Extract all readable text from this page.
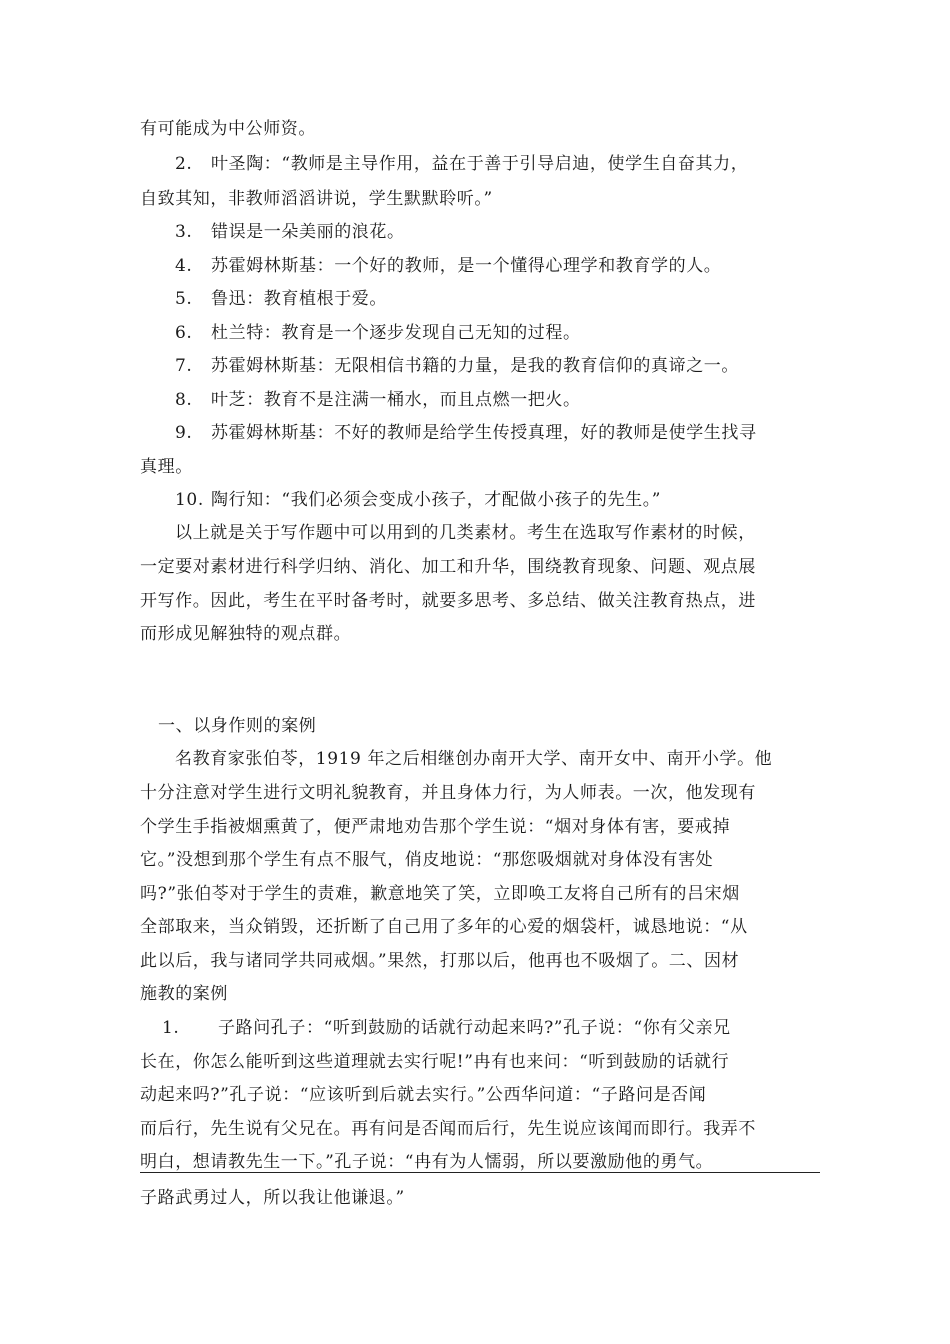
有可能成为中公师资。
2. 叶圣陶：“教师是主导作用，益在于善于引导启迪，使学生自奋其力，
自致其知，非教师滔滔讲说，学生默默聆听。”
3. 错误是一朵美丽的浪花。
4. 苏霍姆林斯基：一个好的教师，是一个懂得心理学和教育学的人。
5. 鲁迅：教育植根于爱。
6. 杜兰特：教育是一个逐步发现自己无知的过程。
7. 苏霍姆林斯基：无限相信书籍的力量，是我的教育信仰的真谛之一。
8. 叶芝：教育不是注满一桶水，而且点燃一把火。
9. 苏霍姆林斯基：不好的教师是给学生传授真理，好的教师是使学生找寻
真理。
10. 陶行知：“我们必须会变成小孩子，才配做小孩子的先生。”
以上就是关于写作题中可以用到的几类素材。考生在选取写作素材的时候，
一定要对素材进行科学归纳、消化、加工和升华，围绕教育现象、问题、观点展
开写作。因此，考生在平时备考时，就要多思考、多总结、做关注教育热点，进
而形成见解独特的观点群。
一、以身作则的案例
名教育家张伯苓，1919 年之后相继创办南开大学、南开女中、南开小学。他
十分注意对学生进行文明礼貌教育，并且身体力行，为人师表。一次，他发现有
个学生手指被烟熏黄了，便严肃地劝告那个学生说：“烟对身体有害，要戒掉
它。”没想到那个学生有点不服气，俏皮地说：“那您吸烟就对身体没有害处
吗?”张伯苓对于学生的责难，歉意地笑了笑，立即唤工友将自己所有的吕宋烟
全部取来，当众销毁，还折断了自己用了多年的心爱的烟袋杆，诚恳地说：“从
此以后，我与诸同学共同戒烟。”果然，打那以后，他再也不吸烟了。二、因材
施教的案例
1. 子路问孔子：“听到鼓励的话就行动起来吗?”孔子说：“你有父亲兄
长在，你怎么能听到这些道理就去实行呢!”冉有也来问：“听到鼓励的话就行
动起来吗?”孔子说：“应该听到后就去实行。”公西华问道：“子路问是否闻
而后行，先生说有父兄在。再有问是否闻而后行，先生说应该闻而即行。我弄不
明白，想请教先生一下。”孔子说：“冉有为人懦弱，所以要激励他的勇气。
子路武勇过人，所以我让他谦退。”
